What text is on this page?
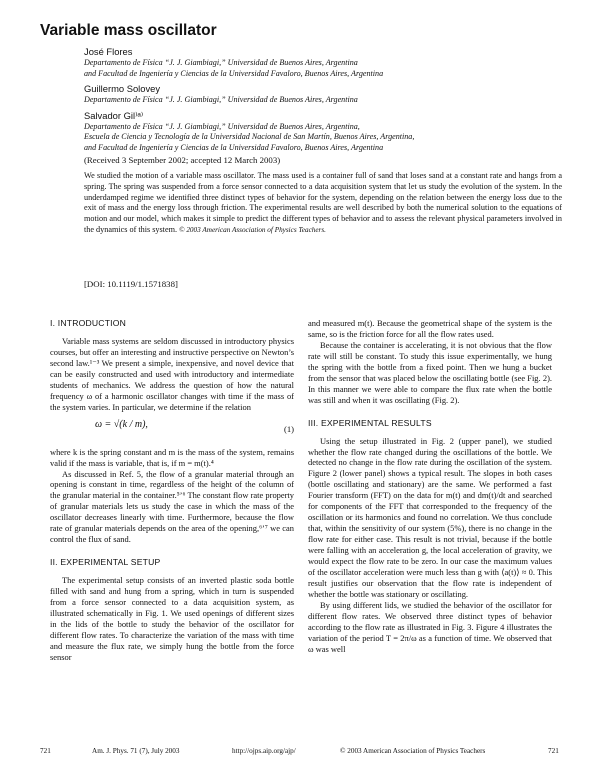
Variable mass oscillator
José Flores
Departamento de Física “J. J. Giambiagi,” Universidad de Buenos Aires, Argentina
and Facultad de Ingeniería y Ciencias de la Universidad Favaloro, Buenos Aires, Argentina
Guillermo Solovey
Departamento de Física “J. J. Giambiagi,” Universidad de Buenos Aires, Argentina
Salvador Gil⁾ᵃ⁾
Departamento de Física “J. J. Giambiagi,” Universidad de Buenos Aires, Argentina,
Escuela de Ciencia y Tecnología de la Universidad Nacional de San Martín, Buenos Aires, Argentina,
and Facultad de Ingeniería y Ciencias de la Universidad Favaloro, Buenos Aires, Argentina
(Received 3 September 2002; accepted 12 March 2003)

We studied the motion of a variable mass oscillator. The mass used is a container full of sand that loses sand at a constant rate and hangs from a spring. The spring was suspended from a force sensor connected to a data acquisition system that let us study the evolution of the system. In the underdamped regime we identified three distinct types of behavior for the system, depending on the relation between the energy loss due to the exit of mass and the energy loss through friction. The experimental results are well described by both the numerical solution to the equations of motion and our model, which makes it simple to predict the different types of behavior and to assess the relevant physical parameters involved in the dynamics of this system. © 2003 American Association of Physics Teachers.

[DOI: 10.1119/1.1571838]
I. INTRODUCTION

Variable mass systems are seldom discussed in introductory physics courses, but offer an interesting and instructive perspective on Newton’s second law.¹⁻³ We present a simple, inexpensive, and novel device that can be easily constructed and used with introductory and intermediate students of mechanics. We address the question of how the natural frequency ω of a harmonic oscillator changes with time if the mass of the system varies. In particular, we determine if the relation

ω = √(k / m),	(1)

where k is the spring constant and m is the mass of the system, remains valid if the mass is variable, that is, if m = m(t).⁴

As discussed in Ref. 5, the flow of a granular material through an opening is constant in time, regardless of the height of the column of the granular material in the container.⁵ʼ⁶ The constant flow rate property of granular materials lets us study the case in which the mass of the oscillator decreases linearly with time. Furthermore, because the flow rate of granular materials depends on the area of the opening,⁶ʼ⁷ we can control the flux of sand.

II. EXPERIMENTAL SETUP

The experimental setup consists of an inverted plastic soda bottle filled with sand and hung from a spring, which in turn is suspended from a force sensor connected to a data acquisition system, as illustrated schematically in Fig. 1. We used openings of different sizes in the lids of the bottle to study the behavior of the oscillator for different flow rates. To characterize the variation of the mass with time and measure the flux rate, we simply hung the bottle from the force sensor

and measured m(t). Because the geometrical shape of the system is the same, so is the friction force for all the flow rates used.

Because the container is accelerating, it is not obvious that the flow rate will still be constant. To study this issue experimentally, we hung the spring with the bottle from a fixed point. Then we hung a bucket from the sensor that was placed below the oscillating bottle (see Fig. 2). In this manner we were able to compare the flux rate when the bottle was still and when it was oscillating (Fig. 2).

III. EXPERIMENTAL RESULTS

Using the setup illustrated in Fig. 2 (upper panel), we studied whether the flow rate changed during the oscillations of the bottle. We detected no change in the flow rate during the oscillation of the system. Figure 2 (lower panel) shows a typical result. The slopes in both cases (bottle oscillating and stationary) are the same. We performed a fast Fourier transform (FFT) on the data for m(t) and dm(t)/dt and searched for components of the FFT that corresponded to the frequency of the oscillation or its harmonics and found no correlation. We thus conclude that, within the sensitivity of our system (5%), there is no change in the flow rate for either case. This result is not trivial, because if the bottle were falling with an acceleration g, the local acceleration of gravity, we would expect the flow rate to be zero. In our case the maximum values of the oscillator acceleration were much less than g with ⟨a(t)⟩ ≈ 0. This result justifies our observation that the flow rate is independent of whether the bottle was stationary or oscillating.

By using different lids, we studied the behavior of the oscillator for different flow rates. We observed three distinct types of behavior according to the flow rate as illustrated in Fig. 3. Figure 4 illustrates the variation of the period T = 2π/ω as a function of time. We observed that ω was well

721	Am. J. Phys. 71 (7), July 2003	http://ojps.aip.org/ajp/	© 2003 American Association of Physics Teachers	721
